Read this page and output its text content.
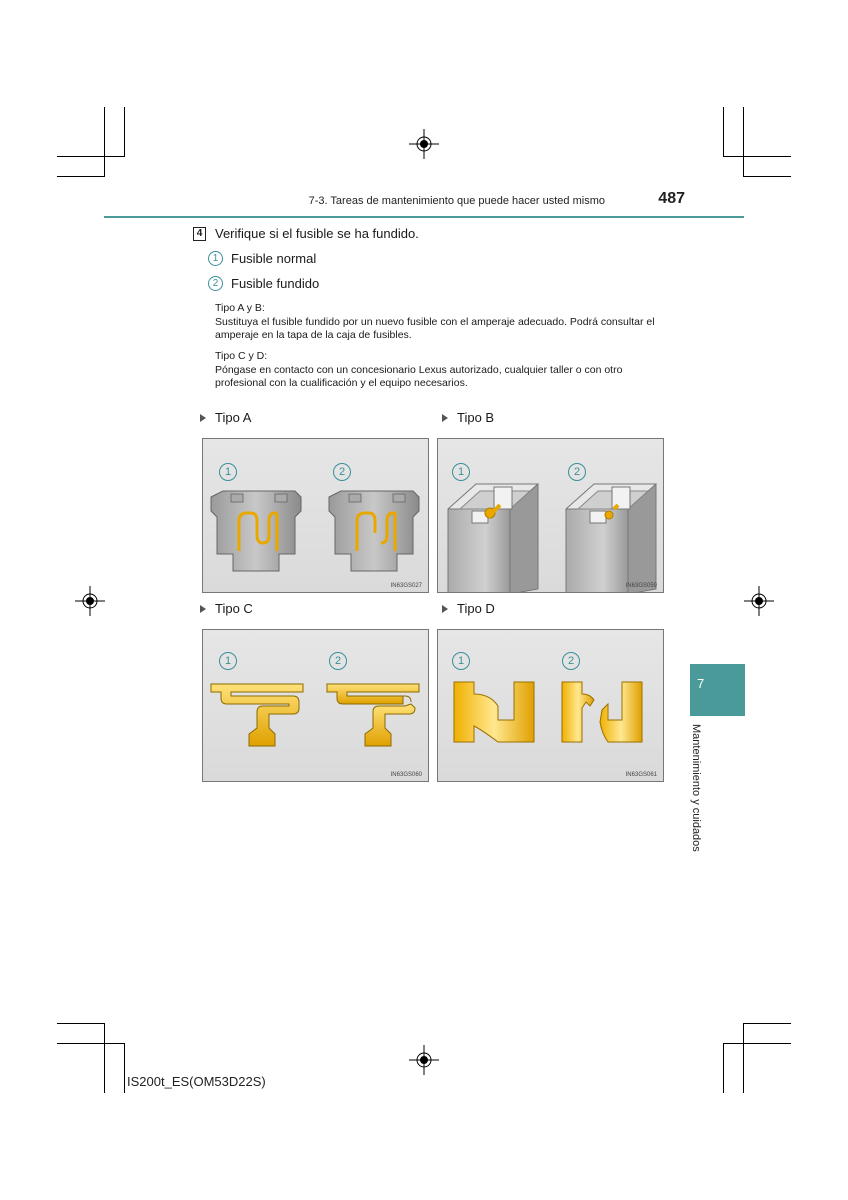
7-3. Tareas de mantenimiento que puede hacer usted mismo	487
4 Verifique si el fusible se ha fundido.
1 Fusible normal
2 Fusible fundido
Tipo A y B:
Sustituya el fusible fundido por un nuevo fusible con el amperaje adecuado. Podrá consultar el amperaje en la tapa de la caja de fusibles.
Tipo C y D:
Póngase en contacto con un concesionario Lexus autorizado, cualquier taller o con otro profesional con la cualificación y el equipo necesarios.
Tipo A	Tipo B
Tipo C	Tipo D
1	2
IN63GS027
1	2
IN63GS059
1	2
IN63GS060
1	2
IN63GS061
7
Mantenimiento y cuidados
IS200t_ES(OM53D22S)
